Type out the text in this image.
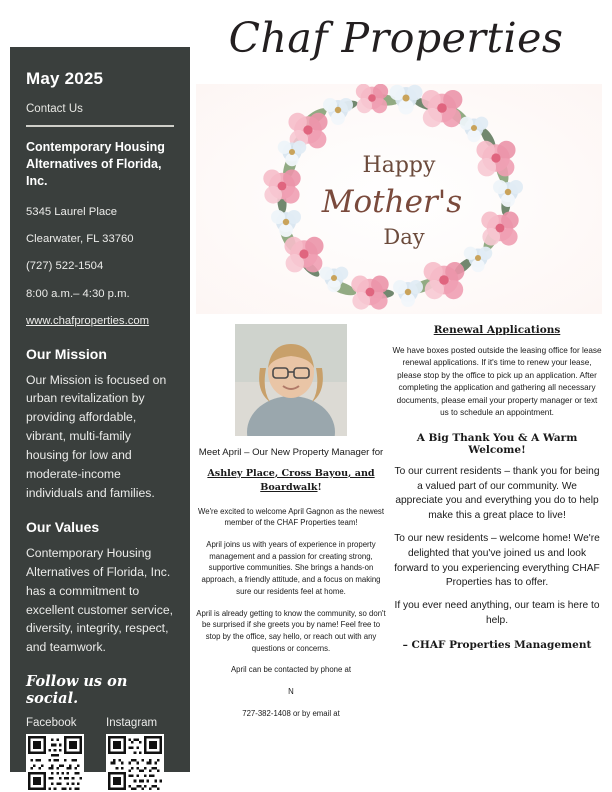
Chaf Properties
May 2025
Contact Us
Contemporary Housing Alternatives of Florida, Inc.
5345 Laurel Place
Clearwater, FL 33760
(727) 522-1504
8:00 a.m.– 4:30 p.m.
www.chafproperties.com
Our Mission

Our Mission is focused on urban revitalization by providing affordable, vibrant, multi-family housing for low and moderate-income individuals and families.

Our Values

Contemporary Housing Alternatives of Florida, Inc. has a commitment to excellent customer service, diversity, integrity, respect, and teamwork.

Follow us on social.
Facebook	Instagram
Happy
Mother's
Day
Meet April – Our New Property Manager for
Ashley Place, Cross Bayou, and Boardwalk!

We're excited to welcome April Gagnon as the newest member of the CHAF Properties team!

April joins us with years of experience in property management and a passion for creating strong, supportive communities. She brings a hands-on approach, a friendly attitude, and a focus on making sure our residents feel at home.

April is already getting to know the community, so don't be surprised if she greets you by name! Feel free to stop by the office, say hello, or reach out with any questions or concerns.

April can be contacted by phone at

N

727-382-1408 or by email at

Renewal Applications

We have boxes posted outside the leasing office for lease renewal applications. If it's time to renew your lease, please stop by the office to pick up an application. After completing the application and gathering all necessary documents, please email your property manager or text us to schedule an appointment.

A Big Thank You & A Warm Welcome!

To our current residents – thank you for being a valued part of our community. We appreciate you and everything you do to help make this a great place to live!

To our new residents – welcome home! We're delighted that you've joined us and look forward to you experiencing everything CHAF Properties has to offer.

If you ever need anything, our team is here to help.

– CHAF Properties Management
